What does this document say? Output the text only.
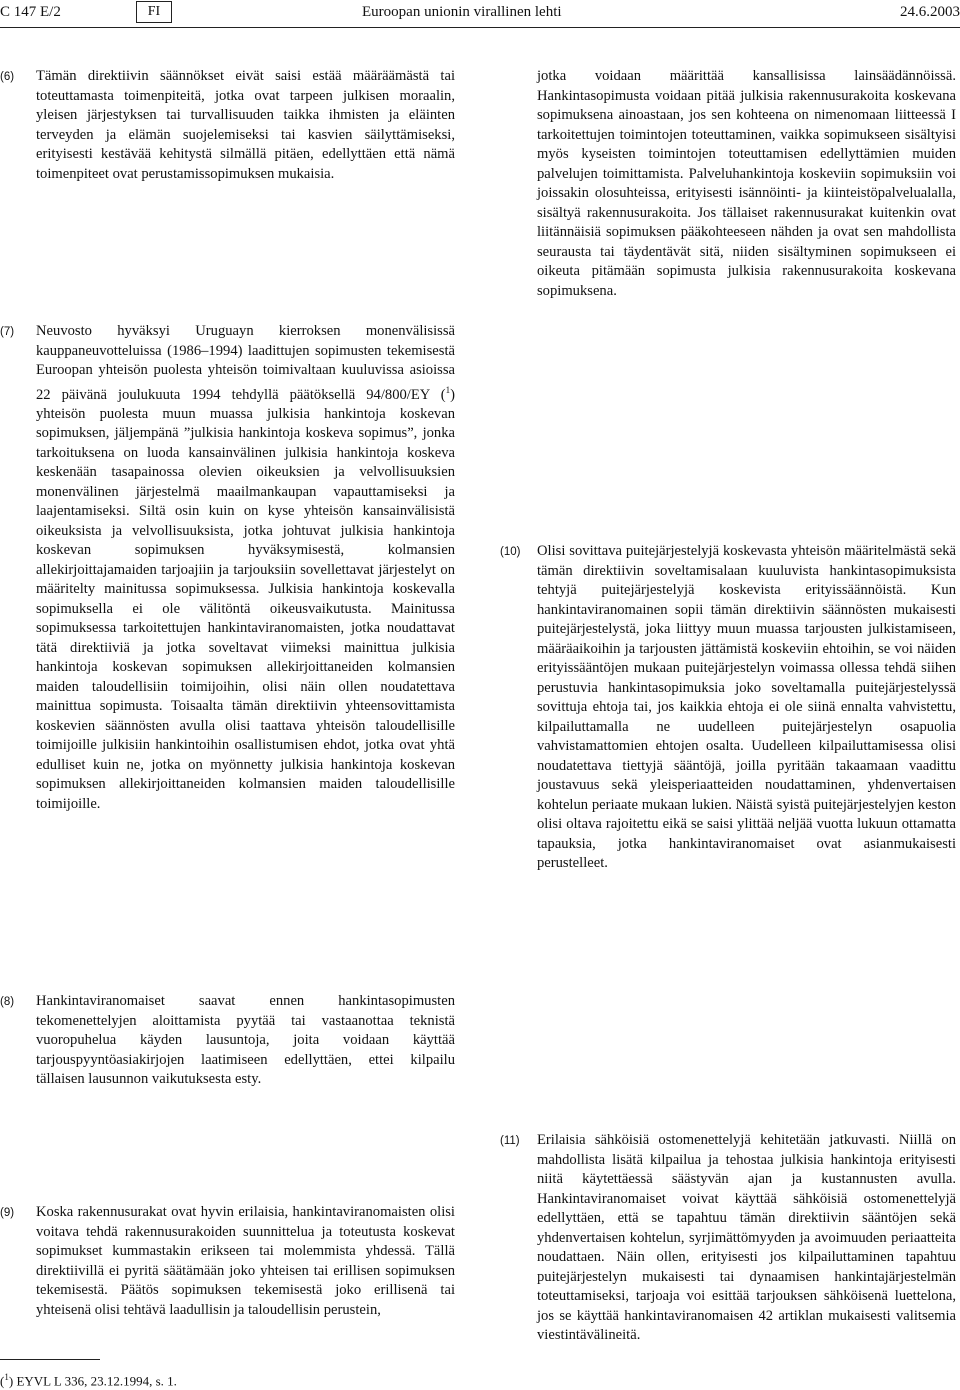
C 147 E/2	FI	Euroopan unionin virallinen lehti	24.6.2003
(6) Tämän direktiivin säännökset eivät saisi estää määräämästä tai toteuttamasta toimenpiteitä, jotka ovat tarpeen julkisen moraalin, yleisen järjestyksen tai turvallisuuden taikka ihmisten ja eläinten terveyden ja elämän suojelemiseksi tai kasvien säilyttämiseksi, erityisesti kestävää kehitystä silmällä pitäen, edellyttäen että nämä toimenpiteet ovat perustamissopimuksen mukaisia.
(7) Neuvosto hyväksyi Uruguayn kierroksen monenvälisissä kauppaneuvotteluissa (1986–1994) laadittujen sopimusten tekemisestä Euroopan yhteisön puolesta yhteisön toimivaltaan kuuluvissa asioissa 22 päivänä joulukuuta 1994 tehdyllä päätöksellä 94/800/EY ($^1$) yhteisön puolesta muun muassa julkisia hankintoja koskevan sopimuksen, jäljempänä ”julkisia hankintoja koskeva sopimus”, jonka tarkoituksena on luoda kansainvälinen julkisia hankintoja koskeva keskenään tasapainossa olevien oikeuksien ja velvollisuuksien monenvälinen järjestelmä maailmankaupan vapauttamiseksi ja laajentamiseksi. Siltä osin kuin on kyse yhteisön kansainvälisistä oikeuksista ja velvollisuuksista, jotka johtuvat julkisia hankintoja koskevan sopimuksen hyväksymisestä, kolmansien allekirjoittajamaiden tarjoajiin ja tarjouksiin sovellettavat järjestelyt on määritelty mainitussa sopimuksessa. Julkisia hankintoja koskevalla sopimuksella ei ole välitöntä oikeusvaikutusta. Mainitussa sopimuksessa tarkoitettujen hankintaviranomaisten, jotka noudattavat tätä direktiiviä ja jotka soveltavat viimeksi mainittua julkisia hankintoja koskevan sopimuksen allekirjoittaneiden kolmansien maiden taloudellisiin toimijoihin, olisi näin ollen noudatettava mainittua sopimusta. Toisaalta tämän direktiivin yhteensovittamista koskevien säännösten avulla olisi taattava yhteisön taloudellisille toimijoille julkisiin hankintoihin osallistumisen ehdot, jotka ovat yhtä edulliset kuin ne, jotka on myönnetty julkisia hankintoja koskevan sopimuksen allekirjoittaneiden kolmansien maiden taloudellisille toimijoille.
(8) Hankintaviranomaiset saavat ennen hankintasopimusten tekomenettelyjen aloittamista pyytää tai vastaanottaa teknistä vuoropuhelua käyden lausuntoja, joita voidaan käyttää tarjouspyyntöasiakirjojen laatimiseen edellyttäen, ettei kilpailu tällaisen lausunnon vaikutuksesta esty.
(9) Koska rakennusurakat ovat hyvin erilaisia, hankintaviranomaisten olisi voitava tehdä rakennusurakoiden suunnittelua ja toteutusta koskevat sopimukset kummastakin erikseen tai molemmista yhdessä. Tällä direktiivillä ei pyritä säätämään joko yhteisen tai erillisen sopimuksen tekemisestä. Päätös sopimuksen tekemisestä joko erillisenä tai yhteisenä olisi tehtävä laadullisin ja taloudellisin perustein,
($^1$) EYVL L 336, 23.12.1994, s. 1.
jotka voidaan määrittää kansallisissa lainsäädännöissä. Hankintasopimusta voidaan pitää julkisia rakennusurakoita koskevana sopimuksena ainoastaan, jos sen kohteena on nimenomaan liitteessä I tarkoitettujen toimintojen toteuttaminen, vaikka sopimukseen sisältyisi myös kyseisten toimintojen toteuttamisen edellyttämien muiden palvelujen toimittamista. Palveluhankintoja koskeviin sopimuksiin voi joissakin olosuhteissa, erityisesti isännöinti- ja kiinteistöpalvelualalla, sisältyä rakennusurakoita. Jos tällaiset rakennusurakat kuitenkin ovat liitännäisiä sopimuksen pääkohteeseen nähden ja ovat sen mahdollista seurausta tai täydentävät sitä, niiden sisältyminen sopimukseen ei oikeuta pitämään sopimusta julkisia rakennusurakoita koskevana sopimuksena.
(10) Olisi sovittava puitejärjestelyjä koskevasta yhteisön määritelmästä sekä tämän direktiivin soveltamisalaan kuuluvista hankintasopimuksista tehtyjä puitejärjestelyjä koskevista erityissäännöistä. Kun hankintaviranomainen sopii tämän direktiivin säännösten mukaisesti puitejärjestelystä, joka liittyy muun muassa tarjousten julkistamiseen, määräaikoihin ja tarjousten jättämistä koskeviin ehtoihin, se voi näiden erityissääntöjen mukaan puitejärjestelyn voimassa ollessa tehdä siihen perustuvia hankintasopimuksia joko soveltamalla puitejärjestelyssä sovittuja ehtoja tai, jos kaikkia ehtoja ei ole siinä ennalta vahvistettu, kilpailuttamalla ne uudelleen puitejärjestelyn osapuolia vahvistamattomien ehtojen osalta. Uudelleen kilpailuttamisessa olisi noudatettava tiettyjä sääntöjä, joilla pyritään takaamaan vaadittu joustavuus sekä yleisperiaatteiden noudattaminen, yhdenvertaisen kohtelun periaate mukaan lukien. Näistä syistä puitejärjestelyjen keston olisi oltava rajoitettu eikä se saisi ylittää neljää vuotta lukuun ottamatta tapauksia, jotka hankintaviranomaiset ovat asianmukaisesti perustelleet.
(11) Erilaisia sähköisiä ostomenettelyjä kehitetään jatkuvasti. Niillä on mahdollista lisätä kilpailua ja tehostaa julkisia hankintoja erityisesti niitä käytettäessä säästyvän ajan ja kustannusten avulla. Hankintaviranomaiset voivat käyttää sähköisiä ostomenettelyjä edellyttäen, että se tapahtuu tämän direktiivin sääntöjen sekä yhdenvertaisen kohtelun, syrjimättömyyden ja avoimuuden periaatteita noudattaen. Näin ollen, erityisesti jos kilpailuttaminen tapahtuu puitejärjestelyn mukaisesti tai dynaamisen hankintajärjestelmän toteuttamiseksi, tarjoaja voi esittää tarjouksen sähköisenä luettelona, jos se käyttää hankintaviranomaisen 42 artiklan mukaisesti valitsemia viestintävälineitä.
